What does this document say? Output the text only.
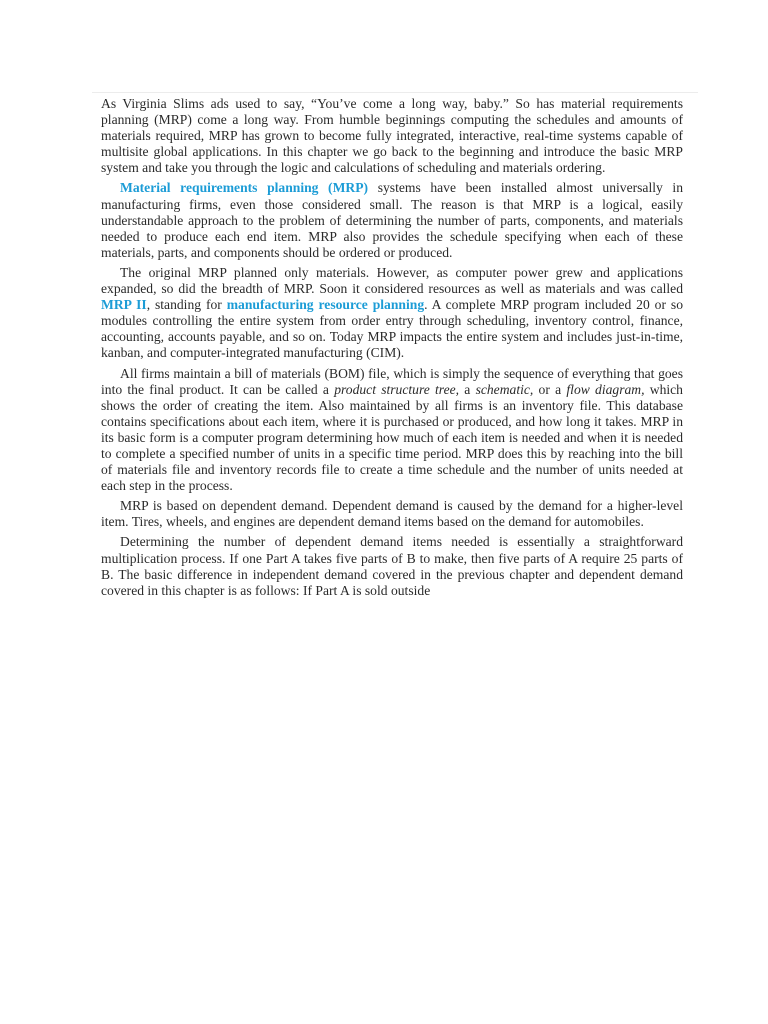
As Virginia Slims ads used to say, “You’ve come a long way, baby.” So has material requirements planning (MRP) come a long way. From humble beginnings computing the schedules and amounts of materials required, MRP has grown to become fully integrated, interactive, real-time systems capable of multisite global applications. In this chapter we go back to the beginning and introduce the basic MRP system and take you through the logic and calculations of scheduling and materials ordering.

Material requirements planning (MRP) systems have been installed almost universally in manufacturing firms, even those considered small. The reason is that MRP is a logical, easily understandable approach to the problem of determining the number of parts, components, and materials needed to produce each end item. MRP also provides the schedule specifying when each of these materials, parts, and components should be ordered or produced.

The original MRP planned only materials. However, as computer power grew and applications expanded, so did the breadth of MRP. Soon it considered resources as well as materials and was called MRP II, standing for manufacturing resource planning. A complete MRP program included 20 or so modules controlling the entire system from order entry through scheduling, inventory control, finance, accounting, accounts payable, and so on. Today MRP impacts the entire system and includes just-in-time, kanban, and computer-integrated manufacturing (CIM).

All firms maintain a bill of materials (BOM) file, which is simply the sequence of everything that goes into the final product. It can be called a product structure tree, a schematic, or a flow diagram, which shows the order of creating the item. Also maintained by all firms is an inventory file. This database contains specifications about each item, where it is purchased or produced, and how long it takes. MRP in its basic form is a computer program determining how much of each item is needed and when it is needed to complete a specified number of units in a specific time period. MRP does this by reaching into the bill of materials file and inventory records file to create a time schedule and the number of units needed at each step in the process.

MRP is based on dependent demand. Dependent demand is caused by the demand for a higher-level item. Tires, wheels, and engines are dependent demand items based on the demand for automobiles.

Determining the number of dependent demand items needed is essentially a straightforward multiplication process. If one Part A takes five parts of B to make, then five parts of A require 25 parts of B. The basic difference in independent demand covered in the previous chapter and dependent demand covered in this chapter is as follows: If Part A is sold outside
